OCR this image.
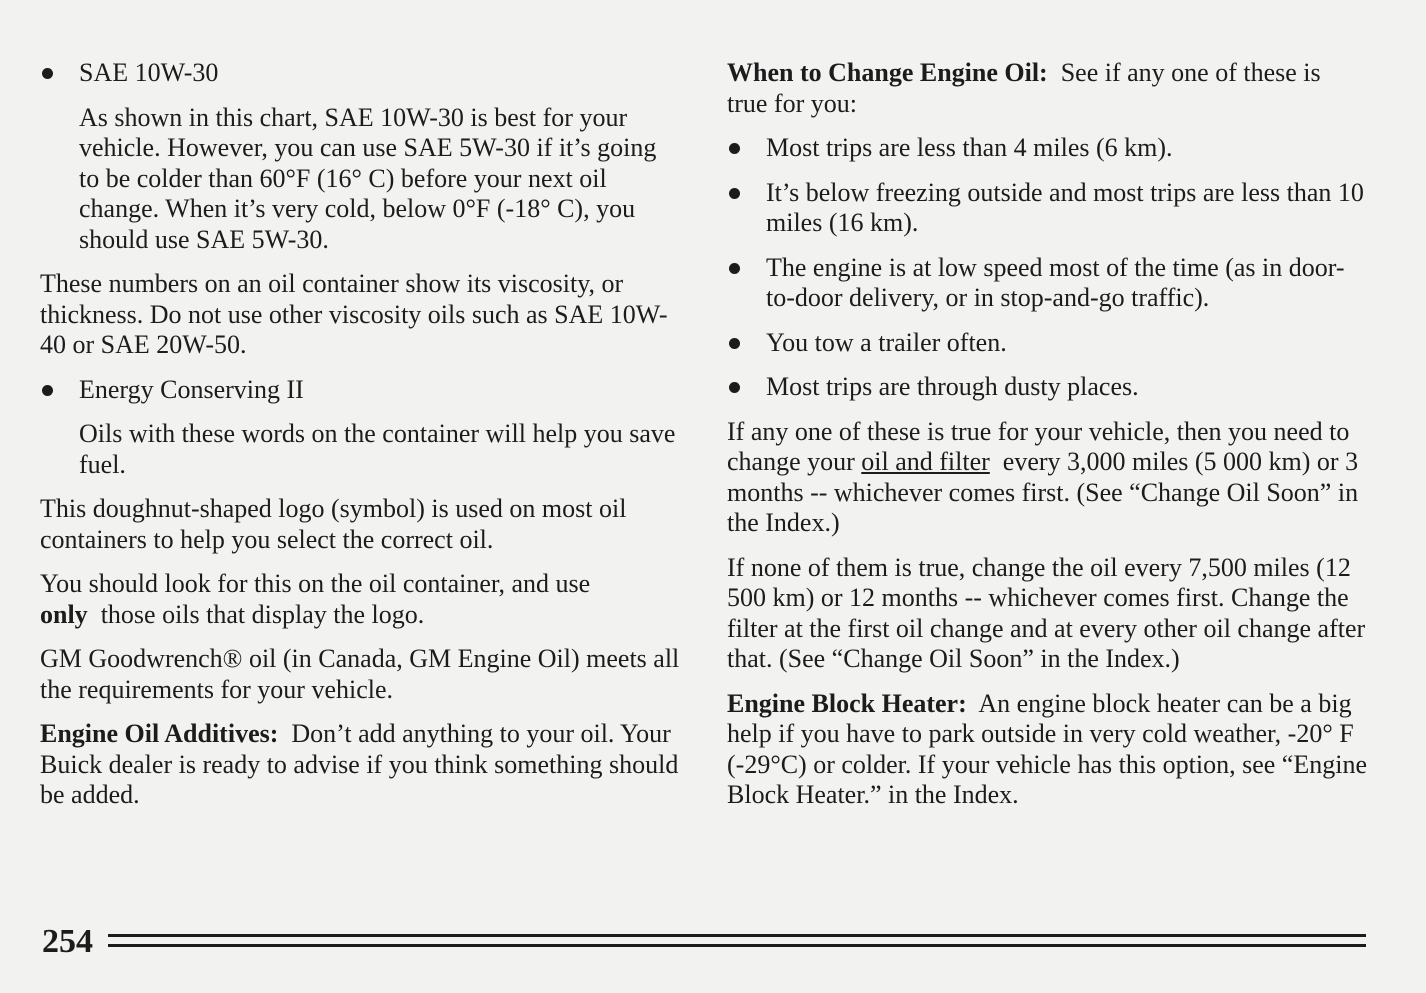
SAE 10W-30

As shown in this chart, SAE 10W-30 is best for your vehicle. However, you can use SAE 5W-30 if it’s going to be colder than 60°F (16° C) before your next oil change. When it’s very cold, below 0°F (-18° C), you should use SAE 5W-30.

These numbers on an oil container show its viscosity, or thickness. Do not use other viscosity oils such as SAE 10W-40 or SAE 20W-50.

Energy Conserving II

Oils with these words on the container will help you save fuel.

This doughnut-shaped logo (symbol) is used on most oil containers to help you select the correct oil.

You should look for this on the oil container, and use
only those oils that display the logo.

GM Goodwrench® oil (in Canada, GM Engine Oil) meets all the requirements for your vehicle.

Engine Oil Additives: Don’t add anything to your oil. Your Buick dealer is ready to advise if you think something should be added.

When to Change Engine Oil: See if any one of these is true for you:

Most trips are less than 4 miles (6 km).

It’s below freezing outside and most trips are less than 10 miles (16 km).

The engine is at low speed most of the time (as in door-to-door delivery, or in stop-and-go traffic).

You tow a trailer often.

Most trips are through dusty places.

If any one of these is true for your vehicle, then you need to change your oil and filter every 3,000 miles (5 000 km) or 3 months -- whichever comes first. (See “Change Oil Soon” in the Index.)

If none of them is true, change the oil every 7,500 miles (12 500 km) or 12 months -- whichever comes first. Change the filter at the first oil change and at every other oil change after that. (See “Change Oil Soon” in the Index.)

Engine Block Heater: An engine block heater can be a big help if you have to park outside in very cold weather, -20° F (-29°C) or colder. If your vehicle has this option, see “Engine Block Heater.” in the Index.

254
